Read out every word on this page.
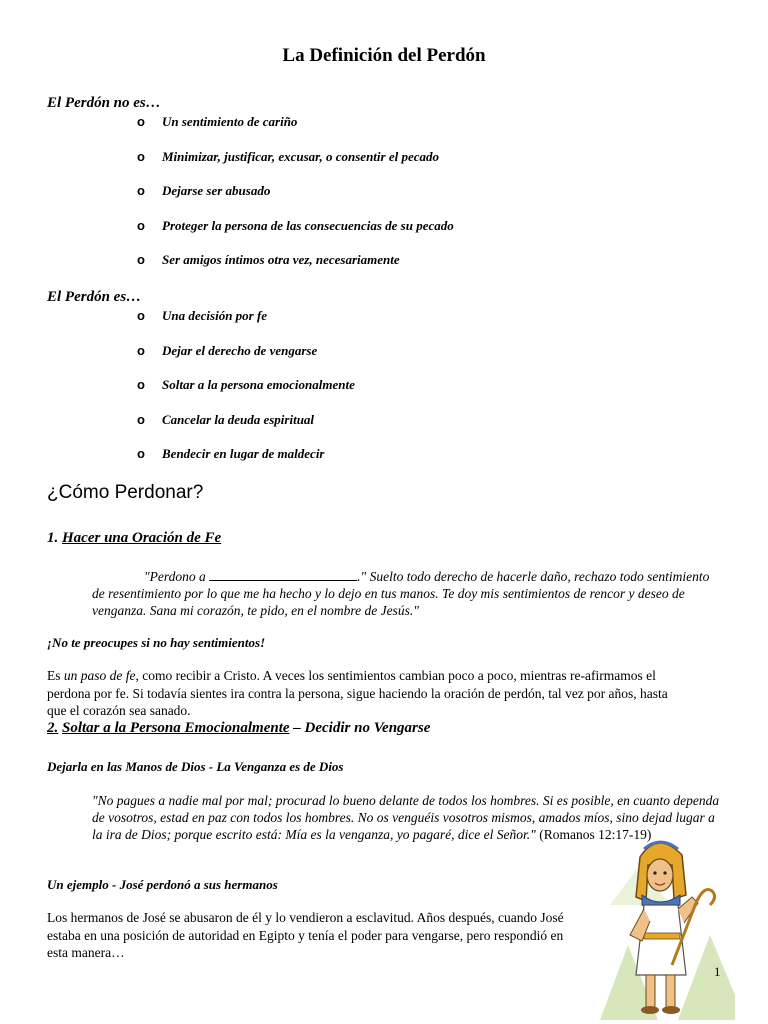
La Definición del Perdón
El Perdón no es…
o	Un sentimiento de cariño
o	Minimizar, justificar, excusar, o consentir el pecado
o	Dejarse ser abusado
o	Proteger la persona de las consecuencias de su pecado
o	Ser amigos íntimos otra vez, necesariamente
El Perdón es…
o	Una decisión por fe
o	Dejar el derecho de vengarse
o	Soltar a la persona emocionalmente
o	Cancelar la deuda espiritual
o	Bendecir en lugar de maldecir
¿Cómo Perdonar?
1. Hacer una Oración de Fe
"Perdono a	." Suelto todo derecho de hacerle daño, rechazo todo sentimiento de resentimiento por lo que me ha hecho y lo dejo en tus manos. Te doy mis sentimientos de rencor y deseo de venganza. Sana mi corazón, te pido, en el nombre de Jesús."
¡No te preocupes si no hay sentimientos!
Es un paso de fe, como recibir a Cristo. A veces los sentimientos cambian poco a poco, mientras re-afirmamos el perdona por fe. Si todavía sientes ira contra la persona, sigue haciendo la oración de perdón, tal vez por años, hasta que el corazón sea sanado.
2. Soltar a la Persona Emocionalmente – Decidir no Vengarse
Dejarla en las Manos de Dios - La Venganza es de Dios
"No pagues a nadie mal por mal; procurad lo bueno delante de todos los hombres. Si es posible, en cuanto dependa de vosotros, estad en paz con todos los hombres. No os venguéis vosotros mismos, amados míos, sino dejad lugar a la ira de Dios; porque escrito está: Mía es la venganza, yo pagaré, dice el Señor." (Romanos 12:17-19)
Un ejemplo - José perdonó a sus hermanos
Los hermanos de José se abusaron de él y lo vendieron a esclavitud. Años después, cuando José estaba en una posición de autoridad en Egipto y tenía el poder para vengarse, pero respondió en esta manera…
1
